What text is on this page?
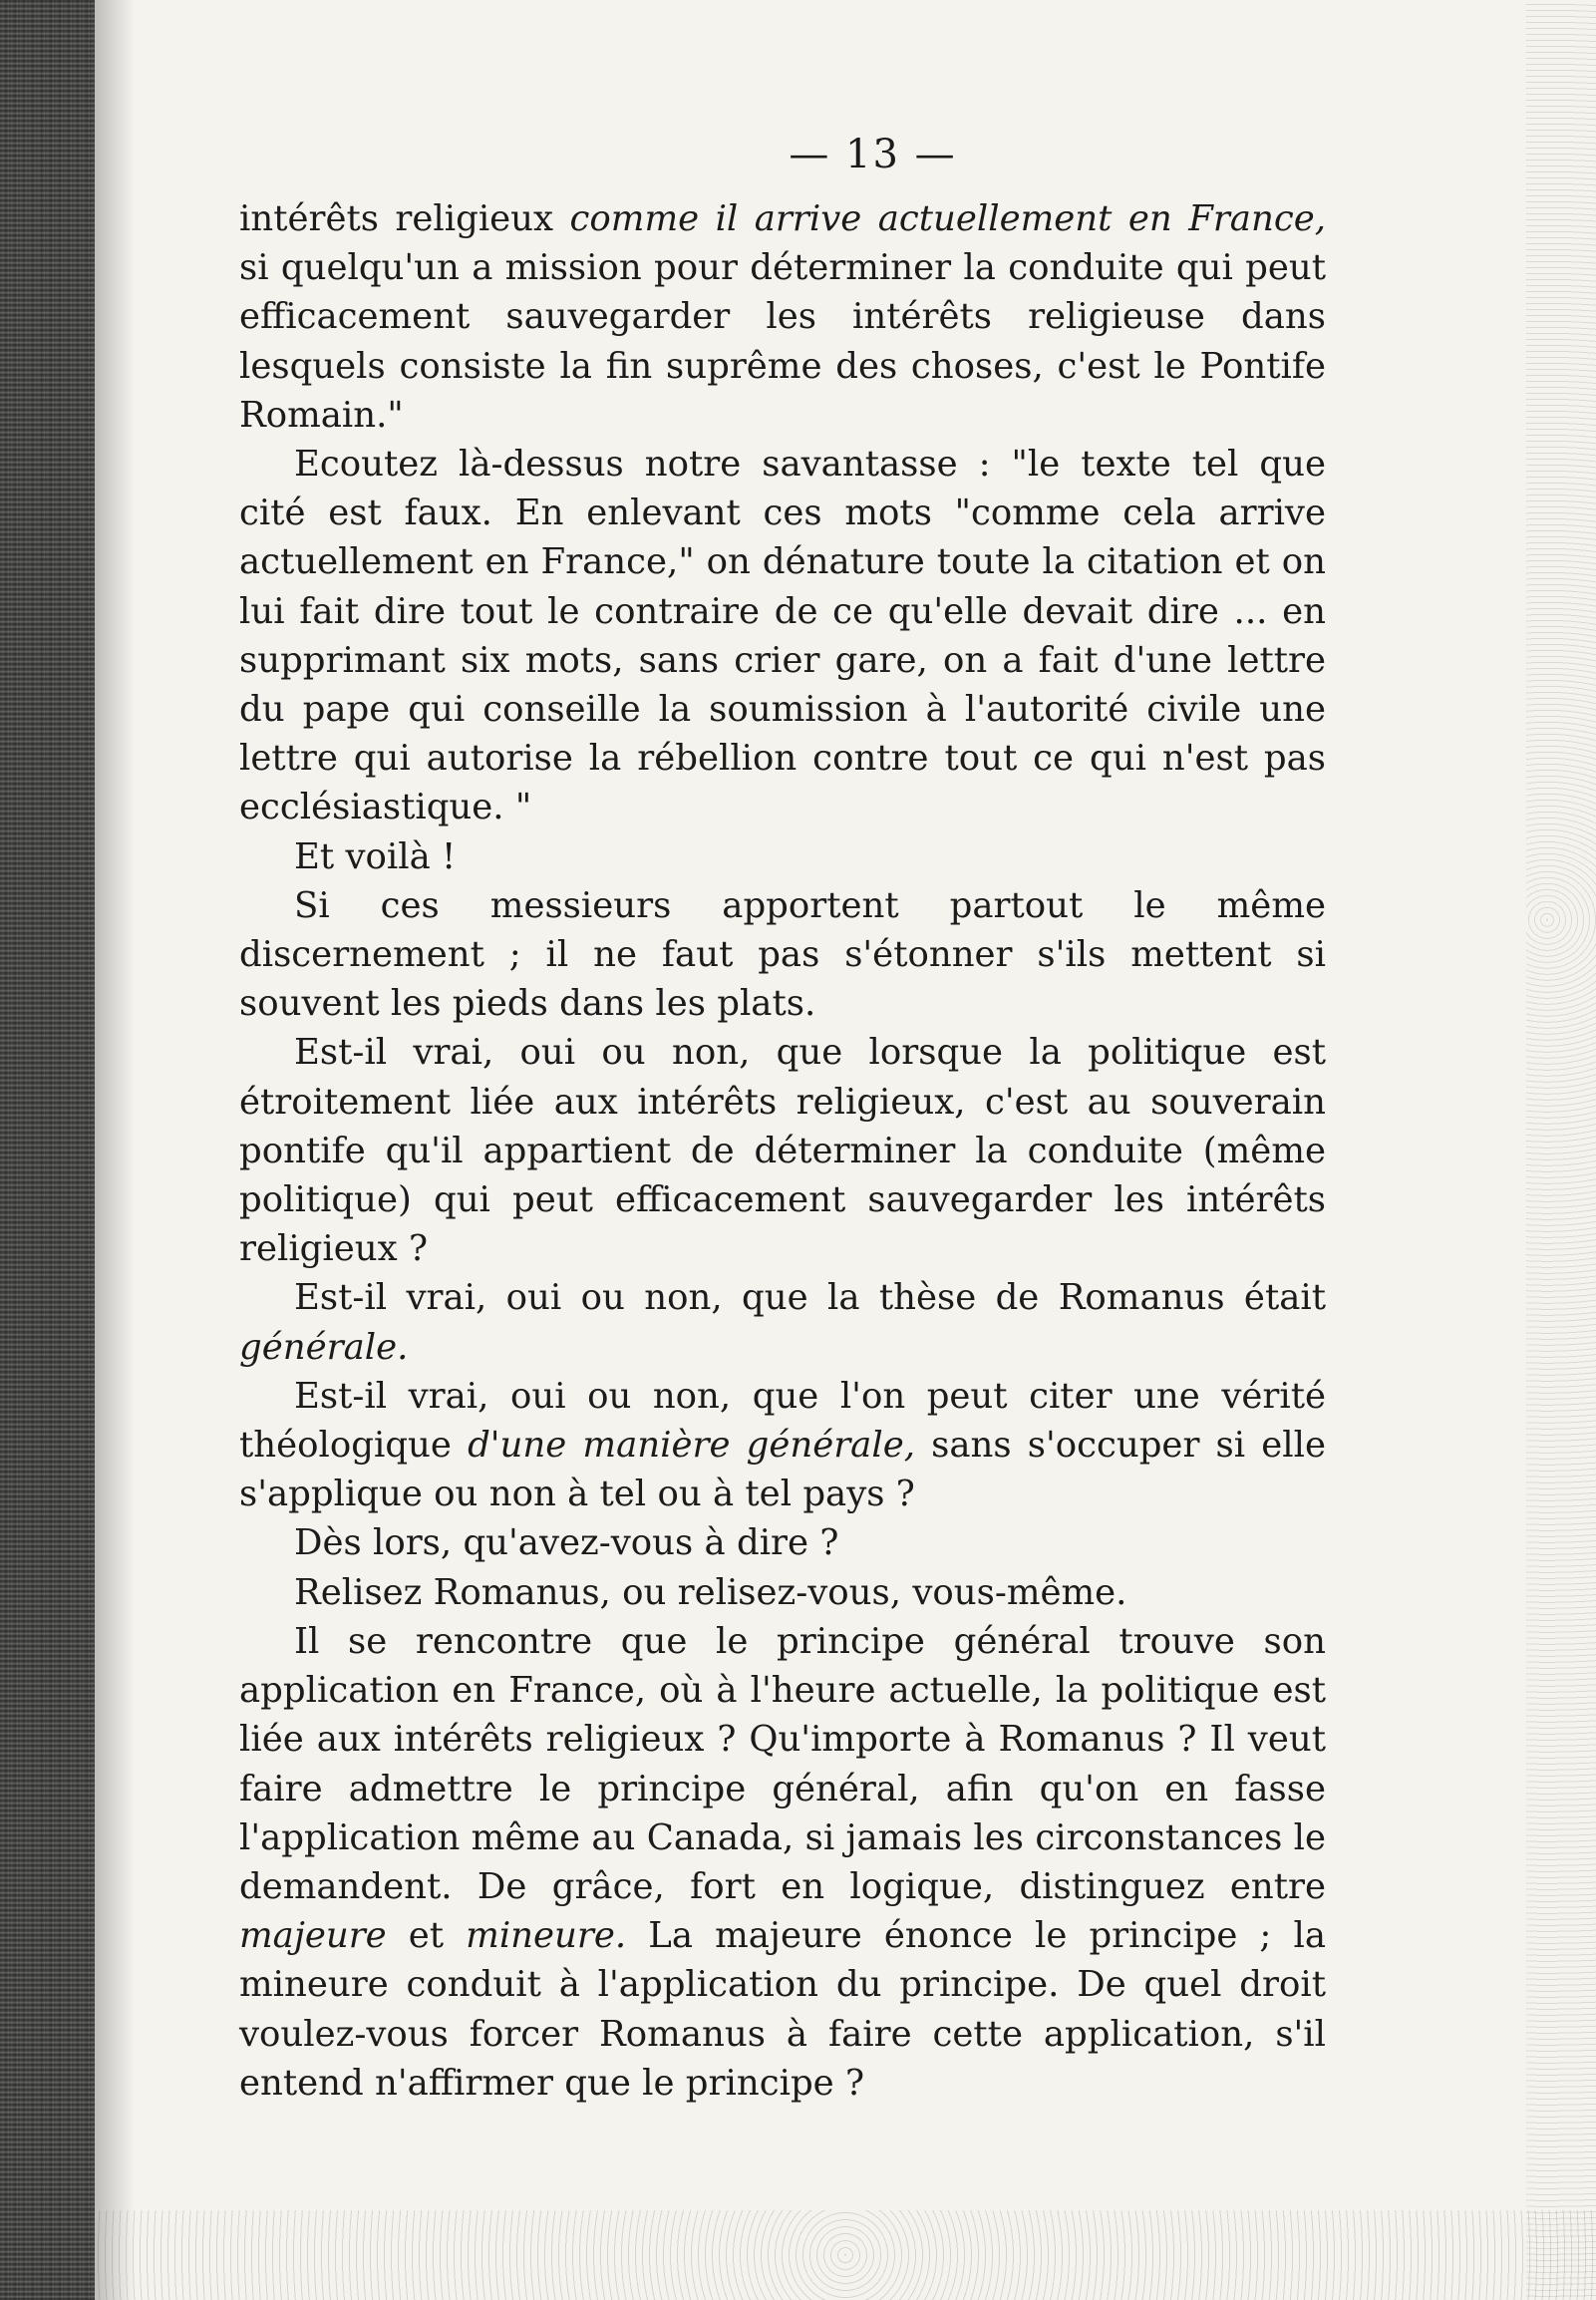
— 13 —

intérêts religieux comme il arrive actuellement en France, si quelqu'un a mission pour déterminer la conduite qui peut efficacement sauvegarder les intérêts religieuse dans lesquels consiste la fin suprême des choses, c'est le Pontife Romain."

Ecoutez là-dessus notre savantasse : "le texte tel que cité est faux. En enlevant ces mots "comme cela arrive actuellement en France," on dénature toute la citation et on lui fait dire tout le contraire de ce qu'elle devait dire ... en supprimant six mots, sans crier gare, on a fait d'une lettre du pape qui conseille la soumission à l'autorité civile une lettre qui autorise la rébellion contre tout ce qui n'est pas ecclésiastique. "

Et voilà !

Si ces messieurs apportent partout le même discernement ; il ne faut pas s'étonner s'ils mettent si souvent les pieds dans les plats.

Est-il vrai, oui ou non, que lorsque la politique est étroitement liée aux intérêts religieux, c'est au souverain pontife qu'il appartient de déterminer la conduite (même politique) qui peut efficacement sauvegarder les intérêts religieux ?

Est-il vrai, oui ou non, que la thèse de Romanus était générale.

Est-il vrai, oui ou non, que l'on peut citer une vérité théologique d'une manière générale, sans s'occuper si elle s'applique ou non à tel ou à tel pays ?

Dès lors, qu'avez-vous à dire ?

Relisez Romanus, ou relisez-vous, vous-même.

Il se rencontre que le principe général trouve son application en France, où à l'heure actuelle, la politique est liée aux intérêts religieux ? Qu'importe à Romanus ? Il veut faire admettre le principe général, afin qu'on en fasse l'application même au Canada, si jamais les circonstances le demandent. De grâce, fort en logique, distinguez entre majeure et mineure. La majeure énonce le principe ; la mineure conduit à l'application du principe. De quel droit voulez-vous forcer Romanus à faire cette application, s'il entend n'affirmer que le principe ?
